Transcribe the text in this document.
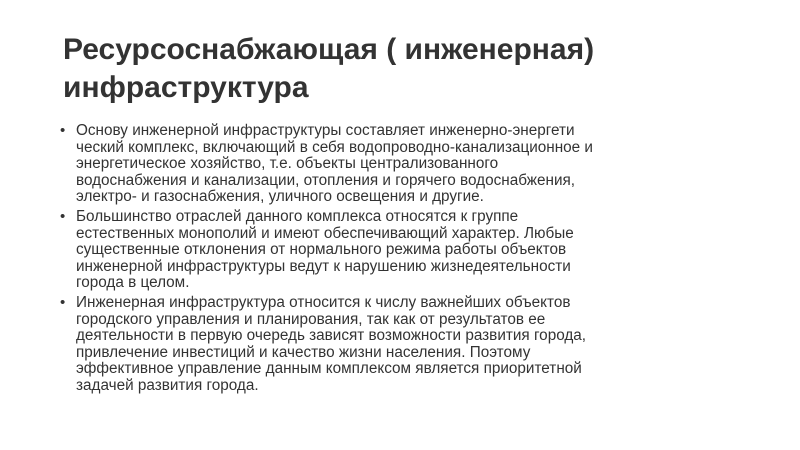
Ресурсоснабжающая ( инженерная)
инфраструктура
• Основу инженерной инфраструктуры составляет инженерно-энергети
ческий комплекс, включающий в себя водопроводно-канализационное и
энергетическое хозяйство, т.е. объекты централизованного
водоснабжения и канализации, отопления и горячего водоснабжения,
электро- и газоснабжения, уличного освещения и другие.
• Большинство отраслей данного комплекса относятся к группе
естественных монополий и имеют обеспечивающий характер. Любые
существенные отклонения от нормального режима работы объектов
инженерной инфраструктуры ведут к нарушению жизнедеятельности
города в целом.
• Инженерная инфраструктура относится к числу важнейших объектов
городского управления и планирования, так как от результатов ее
деятельности в первую очередь зависят возможности развития города,
привлечение инвестиций и качество жизни населения. Поэтому
эффективное управление данным комплексом является приоритетной
задачей развития города.
